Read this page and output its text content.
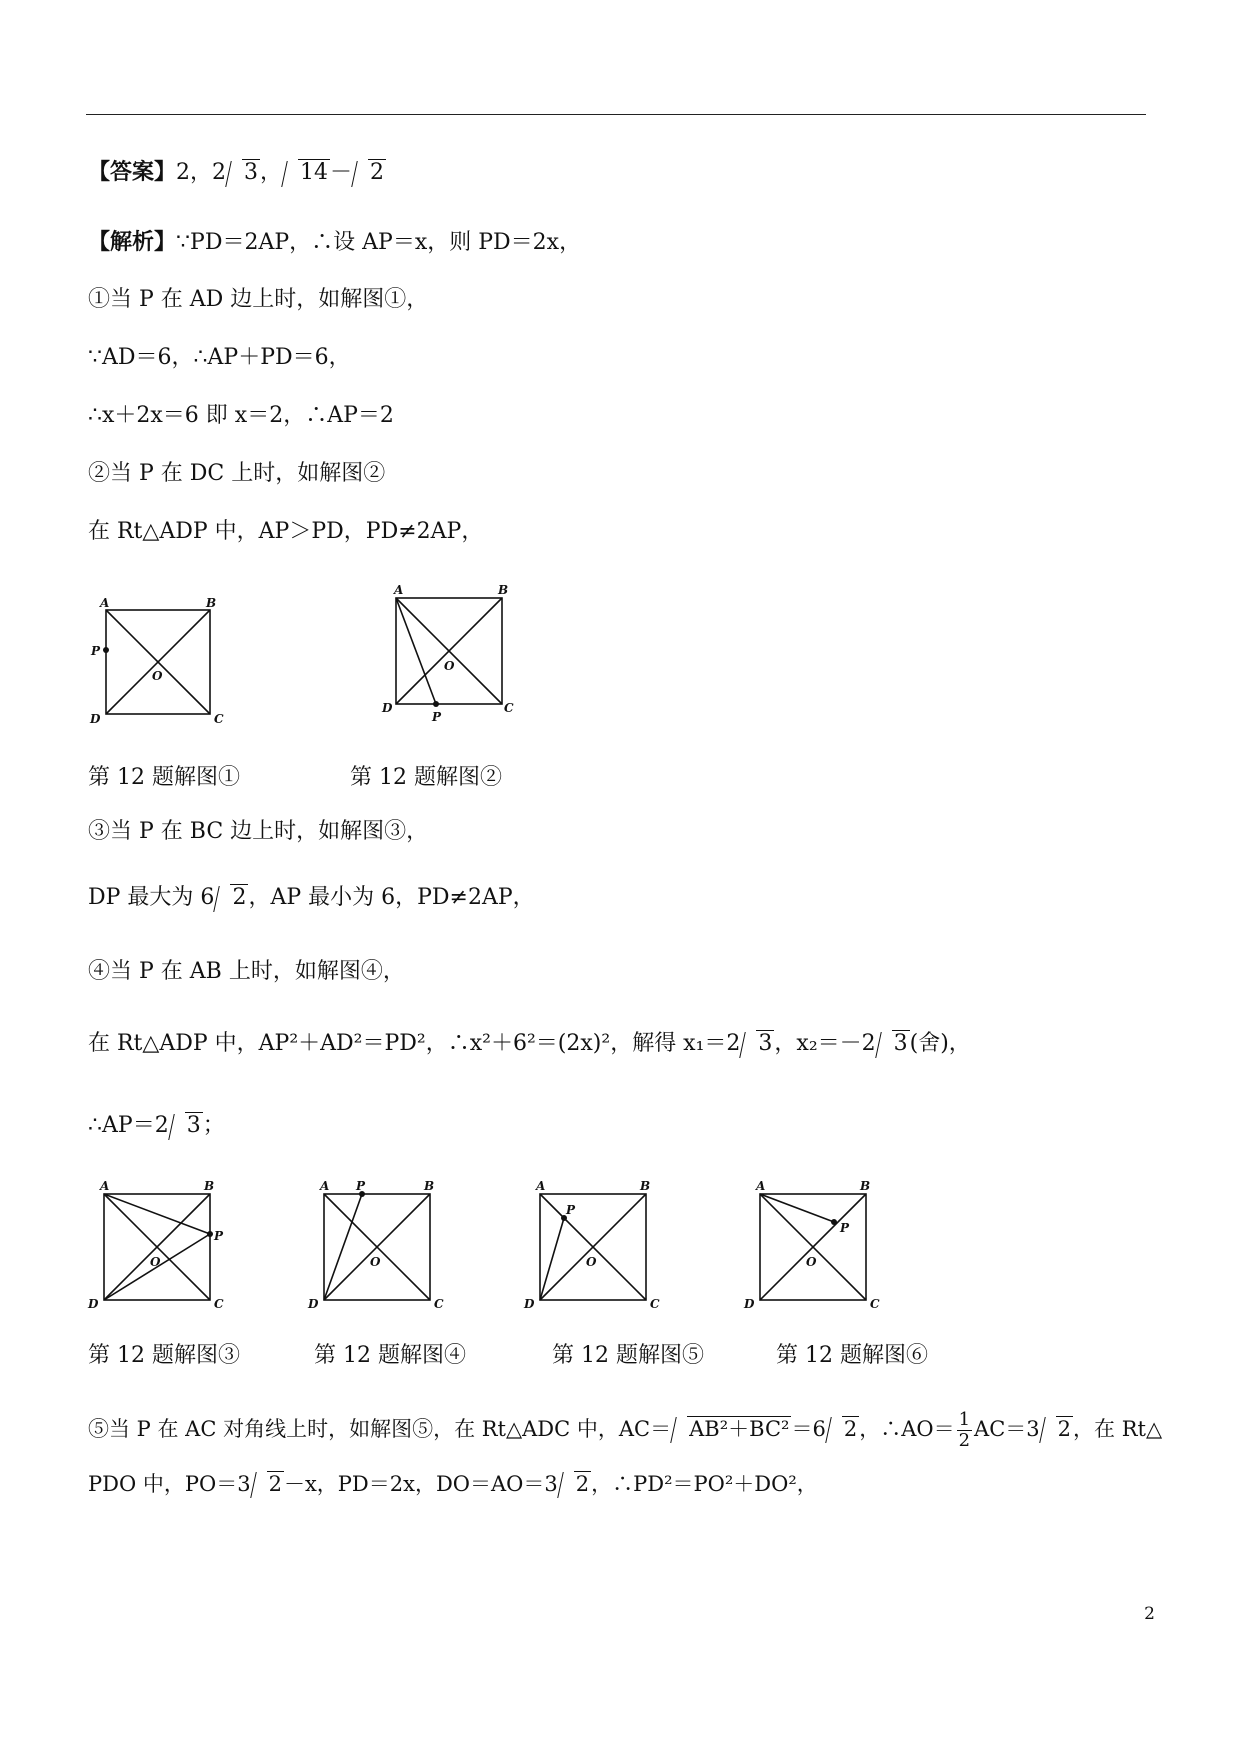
【答案】2，2 3， 14－ 2
【解析】∵PD＝2AP，∴设 AP＝x，则 PD＝2x，
①当 P 在 AD 边上时，如解图①，
∵AD＝6，∴AP＋PD＝6，
∴x＋2x＝6 即 x＝2，∴AP＝2
②当 P 在 DC 上时，如解图②
在 Rt△ADP 中，AP＞PD，PD≠2AP，
A	B
C
D
P
O
A	B
C
D
P
O
第 12 题解图①	第 12 题解图②
③当 P 在 BC 边上时，如解图③，
DP 最大为 6 2，AP 最小为 6，PD≠2AP，
④当 P 在 AB 上时，如解图④，
在 Rt△ADP 中，AP²＋AD²＝PD²，∴x²＋6²＝(2x)²，解得 x₁＝2 3，x₂＝－2 3(舍)，
∴AP＝2 3；
A	B
C
D
P
O
A P	B
C
D
O
A	B
P
C
D
O
A	B
P
C
D
O
第 12 题解图③	第 12 题解图④	第 12 题解图⑤	第 12 题解图⑥
⑤当 P 在 AC 对角线上时，如解图⑤，在 Rt△ADC 中，AC＝ AB²＋BC²＝6 2，∴AO＝ $\frac{1}{2} AC=3$ 2，在 Rt△
PDO 中，PO＝3 2－x，PD＝2x，DO＝AO＝3 2，∴PD²＝PO²＋DO²，
2
